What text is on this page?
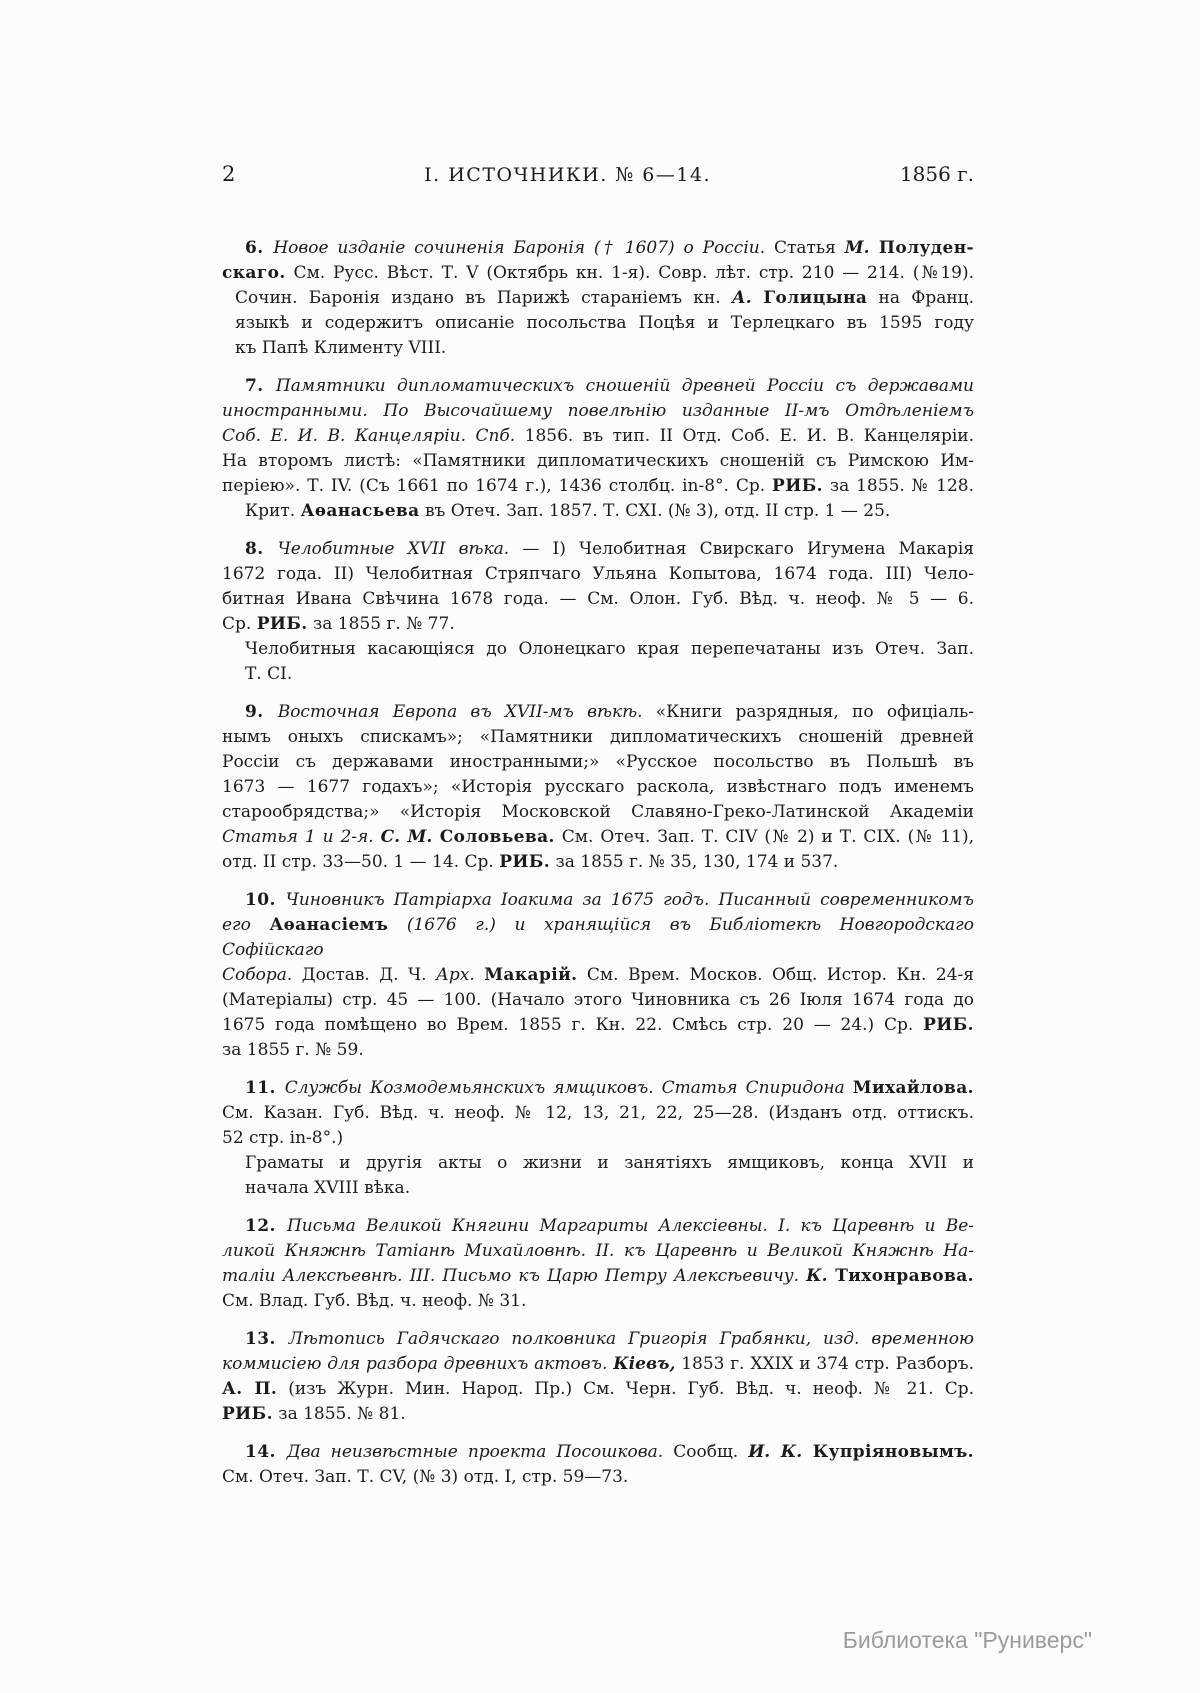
2	І. ИСТОЧНИКИ. № 6—14.	1856 г.
6. Новое изданіе сочиненія Баронія († 1607) о Россіи. Статья М. Полуден-
скаго. См. Русс. Вѣст. Т. V (Октябрь кн. 1-я). Совр. лѣт. стр. 210 — 214. (№19).
Сочин. Баронія издано въ Парижѣ стараніемъ кн. А. Голицына на Франц.
языкѣ и содержитъ описаніе посольства Поцѣя и Терлецкаго въ 1595 году
къ Папѣ Клименту VIII.
7. Памятники дипломатическихъ сношеній древней Россіи съ державами
иностранными. По Высочайшему повелѣнію изданные II-мъ Отдѣленіемъ
Соб. Е. И. В. Канцеляріи. Спб. 1856. въ тип. II Отд. Соб. Е. И. В. Канцеляріи.
На второмъ листѣ: «Памятники дипломатическихъ сношеній съ Римскою Им-
періею». Т. IV. (Съ 1661 по 1674 г.), 1436 столбц. in-8°. Ср. РИБ. за 1855. № 128.
Крит. Аѳанасьева въ Отеч. Зап. 1857. Т. CXI. (№ 3), отд. II стр. 1 — 25.
8. Челобитные XVII вѣка. — I) Челобитная Свирскаго Игумена Макарія
1672 года. II) Челобитная Стряпчаго Ульяна Копытова, 1674 года. III) Чело-
битная Ивана Свѣчина 1678 года. — См. Олон. Губ. Вѣд. ч. неоф. № 5 — 6.
Ср. РИБ. за 1855 г. № 77.
Челобитныя касающіяся до Олонецкаго края перепечатаны изъ Отеч. Зап.
Т. CI.
9. Восточная Европа въ XVII-мъ вѣкѣ. «Книги разрядныя, по офиціаль-
нымъ оныхъ спискамъ»; «Памятники дипломатическихъ сношеній древней
Россіи съ державами иностранными;» «Русское посольство въ Польшѣ въ
1673 — 1677 годахъ»; «Исторія русскаго раскола, извѣстнаго подъ именемъ
старообрядства;» «Исторія Московской Славяно-Греко-Латинской Академіи
Статья 1 и 2-я. С. М. Соловьева. См. Отеч. Зап. Т. CIV (№ 2) и Т. CIX. (№ 11),
отд. II стр. 33—50. 1 — 14. Ср. РИБ. за 1855 г. № 35, 130, 174 и 537.
10. Чиновникъ Патріарха Іоакима за 1675 годъ. Писанный современникомъ
его Аѳанасіемъ (1676 г.) и хранящійся въ Библіотекѣ Новгородскаго Софійскаго
Собора. Достав. Д. Ч. Арх. Макарій. См. Врем. Москов. Общ. Истор. Кн. 24-я
(Матеріалы) стр. 45 — 100. (Начало этого Чиновника съ 26 Іюля 1674 года до
1675 года помѣщено во Врем. 1855 г. Кн. 22. Смѣсь стр. 20 — 24.) Ср. РИБ.
за 1855 г. № 59.
11. Службы Козмодемьянскихъ ямщиковъ. Статья Спиридона Михайлова.
См. Казан. Губ. Вѣд. ч. неоф. № 12, 13, 21, 22, 25—28. (Изданъ отд. оттискъ.
52 стр. in-8°.)
Граматы и другія акты о жизни и занятіяхъ ямщиковъ, конца XVII и
начала XVIII вѣка.
12. Письма Великой Княгини Маргариты Алексіевны. I. къ Царевнѣ и Ве-
ликой Княжнѣ Татіанѣ Михайловнѣ. II. къ Царевнѣ и Великой Княжнѣ На-
таліи Алексѣевнѣ. III. Письмо къ Царю Петру Алексѣевичу. К. Тихонравова.
См. Влад. Губ. Вѣд. ч. неоф. № 31.
13. Лѣтопись Гадячскаго полковника Григорія Грабянки, изд. временною
коммисіею для разбора древнихъ актовъ. Кіевъ, 1853 г. XXIX и 374 стр. Разборъ.
А. П. (изъ Журн. Мин. Народ. Пр.) См. Черн. Губ. Вѣд. ч. неоф. № 21. Ср.
РИБ. за 1855. № 81.
14. Два неизвѣстные проекта Посошкова. Сообщ. И. К. Купріяновымъ.
См. Отеч. Зап. Т. CV, (№ 3) отд. I, стр. 59—73.
Библиотека "Руниверс"
